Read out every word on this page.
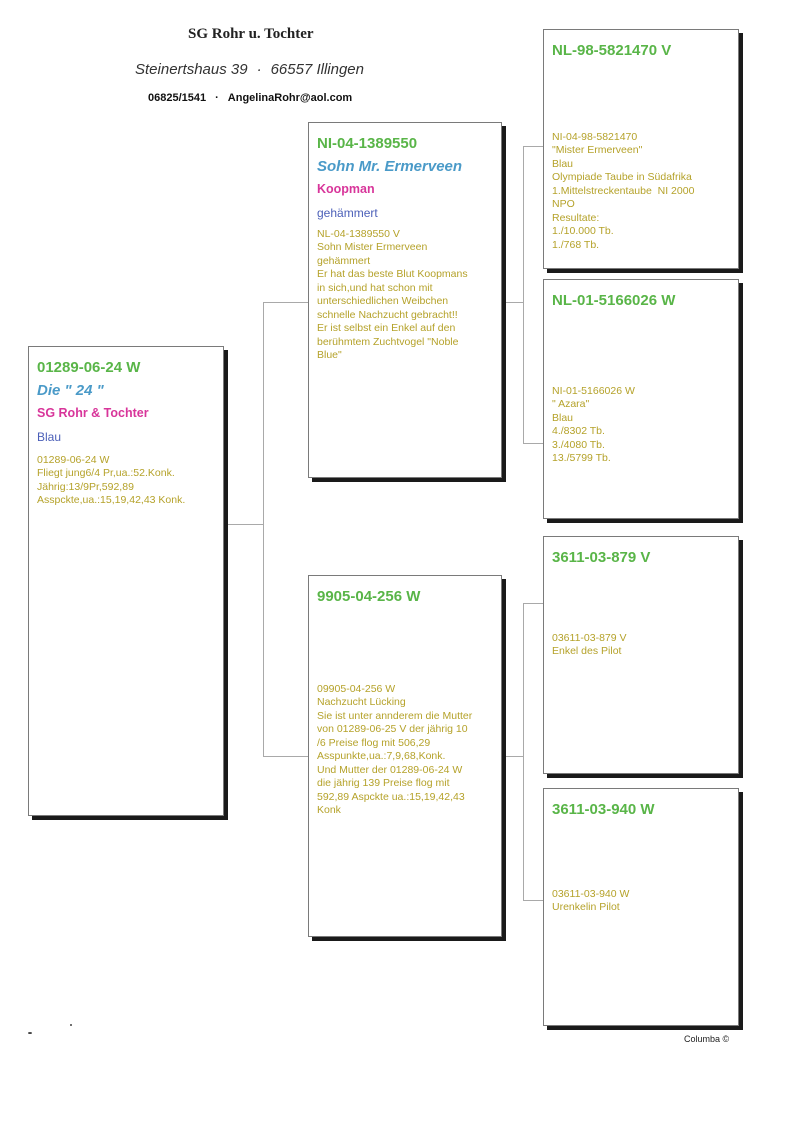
SG Rohr u. Tochter
Steinertshaus 39 · 66557 Illingen
06825/1541 · AngelinaRohr@aol.com
01289-06-24 W
Die " 24 "
SG Rohr & Tochter
Blau

01289-06-24 W
Fliegt jung6/4 Pr,ua.:52.Konk.
Jährig:13/9Pr,592,89
Asspckte,ua.:15,19,42,43 Konk.

NI-04-1389550
Sohn Mr. Ermerveen
Koopman
gehämmert

NL-04-1389550 V
Sohn Mister Ermerveen
gehämmert
Er hat das beste Blut Koopmans
in sich,und hat schon mit
unterschiedlichen Weibchen
schnelle Nachzucht gebracht!!
Er ist selbst ein Enkel auf den
berühmtem Zuchtvogel "Noble
Blue"

9905-04-256 W

09905-04-256 W
Nachzucht Lücking
Sie ist unter annderem die Mutter
von 01289-06-25 V der jährig 10
/6 Preise flog mit 506,29
Asspunkte,ua.:7,9,68,Konk.
Und Mutter der 01289-06-24 W
die jährig 139 Preise flog mit
592,89 Aspckte ua.:15,19,42,43
Konk

NL-98-5821470 V

NI-04-98-5821470
"Mister Ermerveen"
Blau
Olympiade Taube in Südafrika
1.Mittelstreckentaube  NI 2000
NPO
Resultate:
1./10.000 Tb.
1./768 Tb.

NL-01-5166026 W

NI-01-5166026 W
" Azara"
Blau
4./8302 Tb.
3./4080 Tb.
13./5799 Tb.

3611-03-879 V

03611-03-879 V
Enkel des Pilot

3611-03-940 W

03611-03-940 W
Urenkelin Pilot

Columba ©
